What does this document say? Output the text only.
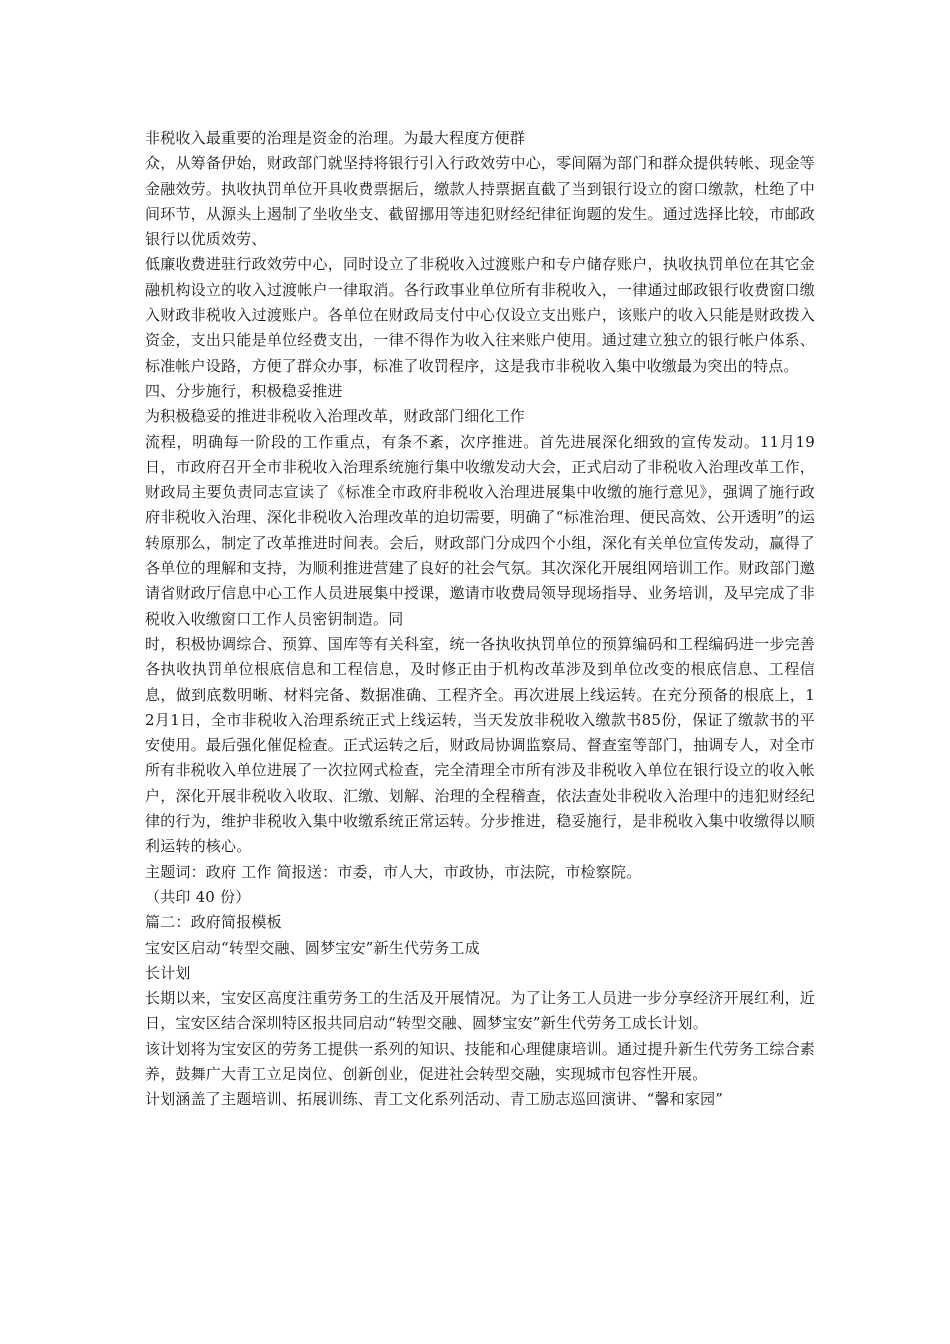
非税收入最重要的治理是资金的治理。为最大程度方便群

众，从筹备伊始，财政部门就坚持将银行引入行政效劳中心，零间隔为部门和群众提供转帐、现金等金融效劳。执收执罚单位开具收费票据后，缴款人持票据直截了当到银行设立的窗口缴款，杜绝了中间环节，从源头上遏制了坐收坐支、截留挪用等违犯财经纪律征询题的发生。通过选择比较，市邮政银行以优质效劳、

低廉收费进驻行政效劳中心，同时设立了非税收入过渡账户和专户储存账户，执收执罚单位在其它金融机构设立的收入过渡帐户一律取消。各行政事业单位所有非税收入，一律通过邮政银行收费窗口缴入财政非税收入过渡账户。各单位在财政局支付中心仅设立支出账户，该账户的收入只能是财政拨入资金，支出只能是单位经费支出，一律不得作为收入往来账户使用。通过建立独立的银行帐户体系、标准帐户设路，方便了群众办事，标准了收罚程序，这是我市非税收入集中收缴最为突出的特点。

四、分步施行，积极稳妥推进

为积极稳妥的推进非税收入治理改革，财政部门细化工作

流程，明确每一阶段的工作重点，有条不紊，次序推进。首先进展深化细致的宣传发动。11月19日，市政府召开全市非税收入治理系统施行集中收缴发动大会，正式启动了非税收入治理改革工作，财政局主要负责同志宣读了《标准全市政府非税收入治理进展集中收缴的施行意见》，强调了施行政府非税收入治理、深化非税收入治理改革的迫切需要，明确了“标准治理、便民高效、公开透明”的运转原那么，制定了改革推进时间表。会后，财政部门分成四个小组，深化有关单位宣传发动，赢得了各单位的理解和支持，为顺利推进营建了良好的社会气氛。其次深化开展组网培训工作。财政部门邀请省财政厅信息中心工作人员进展集中授课，邀请市收费局领导现场指导、业务培训，及早完成了非税收入收缴窗口工作人员密钥制造。同

时，积极协调综合、预算、国库等有关科室，统一各执收执罚单位的预算编码和工程编码进一步完善各执收执罚单位根底信息和工程信息，及时修正由于机构改革涉及到单位改变的根底信息、工程信息，做到底数明晰、材料完备、数据准确、工程齐全。再次进展上线运转。在充分预备的根底上，12月1日，全市非税收入治理系统正式上线运转，当天发放非税收入缴款书85份，保证了缴款书的平安使用。最后强化催促检查。正式运转之后，财政局协调监察局、督查室等部门，抽调专人，对全市所有非税收入单位进展了一次拉网式检查，完全清理全市所有涉及非税收入单位在银行设立的收入帐户，深化开展非税收入收取、汇缴、划解、治理的全程稽查，依法查处非税收入治理中的违犯财经纪律的行为，维护非税收入集中收缴系统正常运转。分步推进，稳妥施行，是非税收入集中收缴得以顺利运转的核心。

主题词：政府 工作 简报送：市委，市人大，市政协，市法院，市检察院。

（共印 40 份）

篇二：政府简报模板

宝安区启动“转型交融、圆梦宝安”新生代劳务工成

长计划

长期以来，宝安区高度注重劳务工的生活及开展情况。为了让务工人员进一步分享经济开展红利，近日，宝安区结合深圳特区报共同启动“转型交融、圆梦宝安”新生代劳务工成长计划。

该计划将为宝安区的劳务工提供一系列的知识、技能和心理健康培训。通过提升新生代劳务工综合素养，鼓舞广大青工立足岗位、创新创业，促进社会转型交融，实现城市包容性开展。

计划涵盖了主题培训、拓展训练、青工文化系列活动、青工励志巡回演讲、“馨和家园”
